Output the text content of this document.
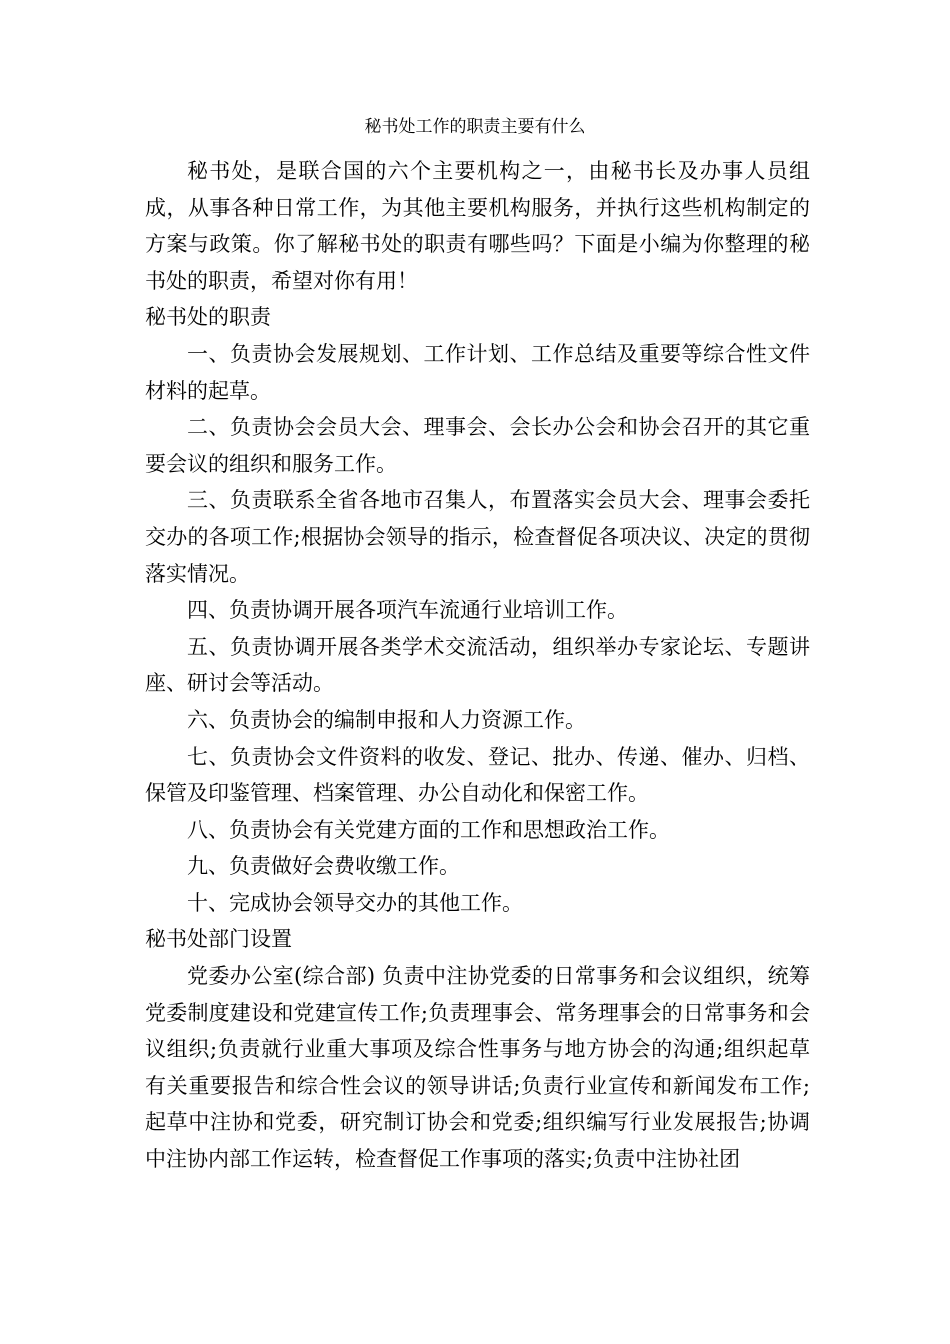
秘书处工作的职责主要有什么

秘书处，是联合国的六个主要机构之一，由秘书长及办事人员组成，从事各种日常工作，为其他主要机构服务，并执行这些机构制定的方案与政策。你了解秘书处的职责有哪些吗？下面是小编为你整理的秘书处的职责，希望对你有用！

秘书处的职责

一、负责协会发展规划、工作计划、工作总结及重要等综合性文件材料的起草。

二、负责协会会员大会、理事会、会长办公会和协会召开的其它重要会议的组织和服务工作。

三、负责联系全省各地市召集人，布置落实会员大会、理事会委托交办的各项工作;根据协会领导的指示，检查督促各项决议、决定的贯彻落实情况。

四、负责协调开展各项汽车流通行业培训工作。

五、负责协调开展各类学术交流活动，组织举办专家论坛、专题讲座、研讨会等活动。

六、负责协会的编制申报和人力资源工作。

七、负责协会文件资料的收发、登记、批办、传递、催办、归档、保管及印鉴管理、档案管理、办公自动化和保密工作。

八、负责协会有关党建方面的工作和思想政治工作。

九、负责做好会费收缴工作。

十、完成协会领导交办的其他工作。

秘书处部门设置

党委办公室(综合部) 负责中注协党委的日常事务和会议组织，统筹党委制度建设和党建宣传工作;负责理事会、常务理事会的日常事务和会议组织;负责就行业重大事项及综合性事务与地方协会的沟通;组织起草有关重要报告和综合性会议的领导讲话;负责行业宣传和新闻发布工作;起草中注协和党委，研究制订协会和党委;组织编写行业发展报告;协调中注协内部工作运转，检查督促工作事项的落实;负责中注协社团
